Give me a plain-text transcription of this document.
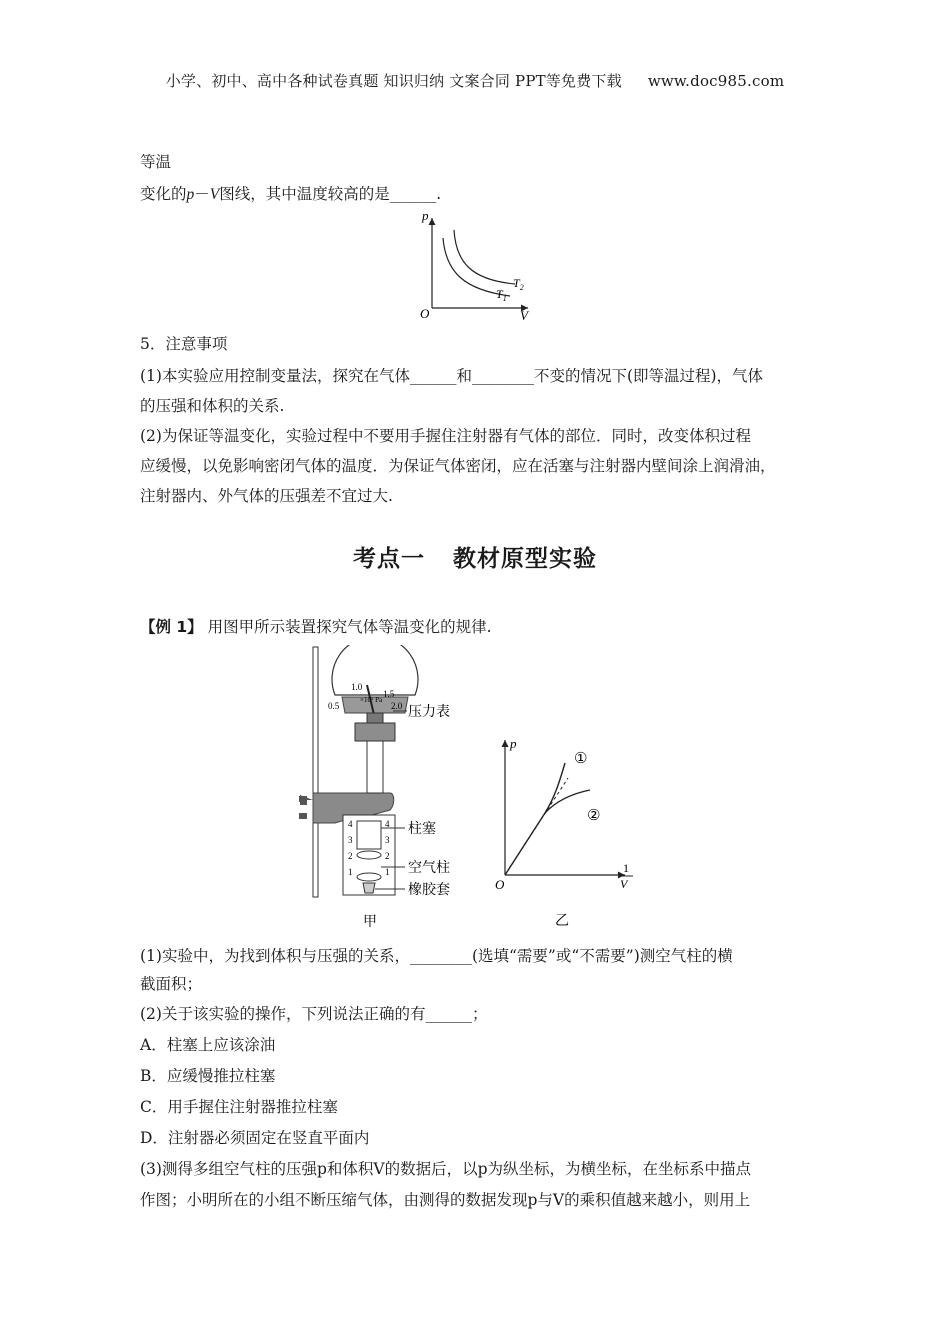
小学、初中、高中各种试卷真题 知识归纳 文案合同 PPT等免费下载 www.doc985.com
等温
变化的p－V图线，其中温度较高的是______.
p
V
O
$T_2$
$T_1$
5．注意事项
(1)本实验应用控制变量法，探究在气体______和________不变的情况下(即等温过程)，气体
的压强和体积的关系.
(2)为保证等温变化，实验过程中不要用手握住注射器有气体的部位．同时，改变体积过程
应缓慢，以免影响密闭气体的温度．为保证气体密闭，应在活塞与注射器内壁间涂上润滑油，
注射器内、外气体的压强差不宜过大.
考点一 教材原型实验
【例 1】 用图甲所示装置探究气体等温变化的规律.
0.5
1.0
1.5
2.0
×10⁵ Pa
4
3
2
1
4
3
2
1
压力表
柱塞
空气柱
橡胶套
甲
p
O
1
V
①
②
乙
(1)实验中，为找到体积与压强的关系，________(选填“需要”或“不需要”)测空气柱的横
截面积；
(2)关于该实验的操作，下列说法正确的有______；
A．柱塞上应该涂油
B．应缓慢推拉柱塞
C．用手握住注射器推拉柱塞
D．注射器必须固定在竖直平面内
(3)测得多组空气柱的压强p和体积V的数据后，以p为纵坐标，为横坐标，在坐标系中描点
作图；小明所在的小组不断压缩气体，由测得的数据发现p与V的乘积值越来越小，则用上
